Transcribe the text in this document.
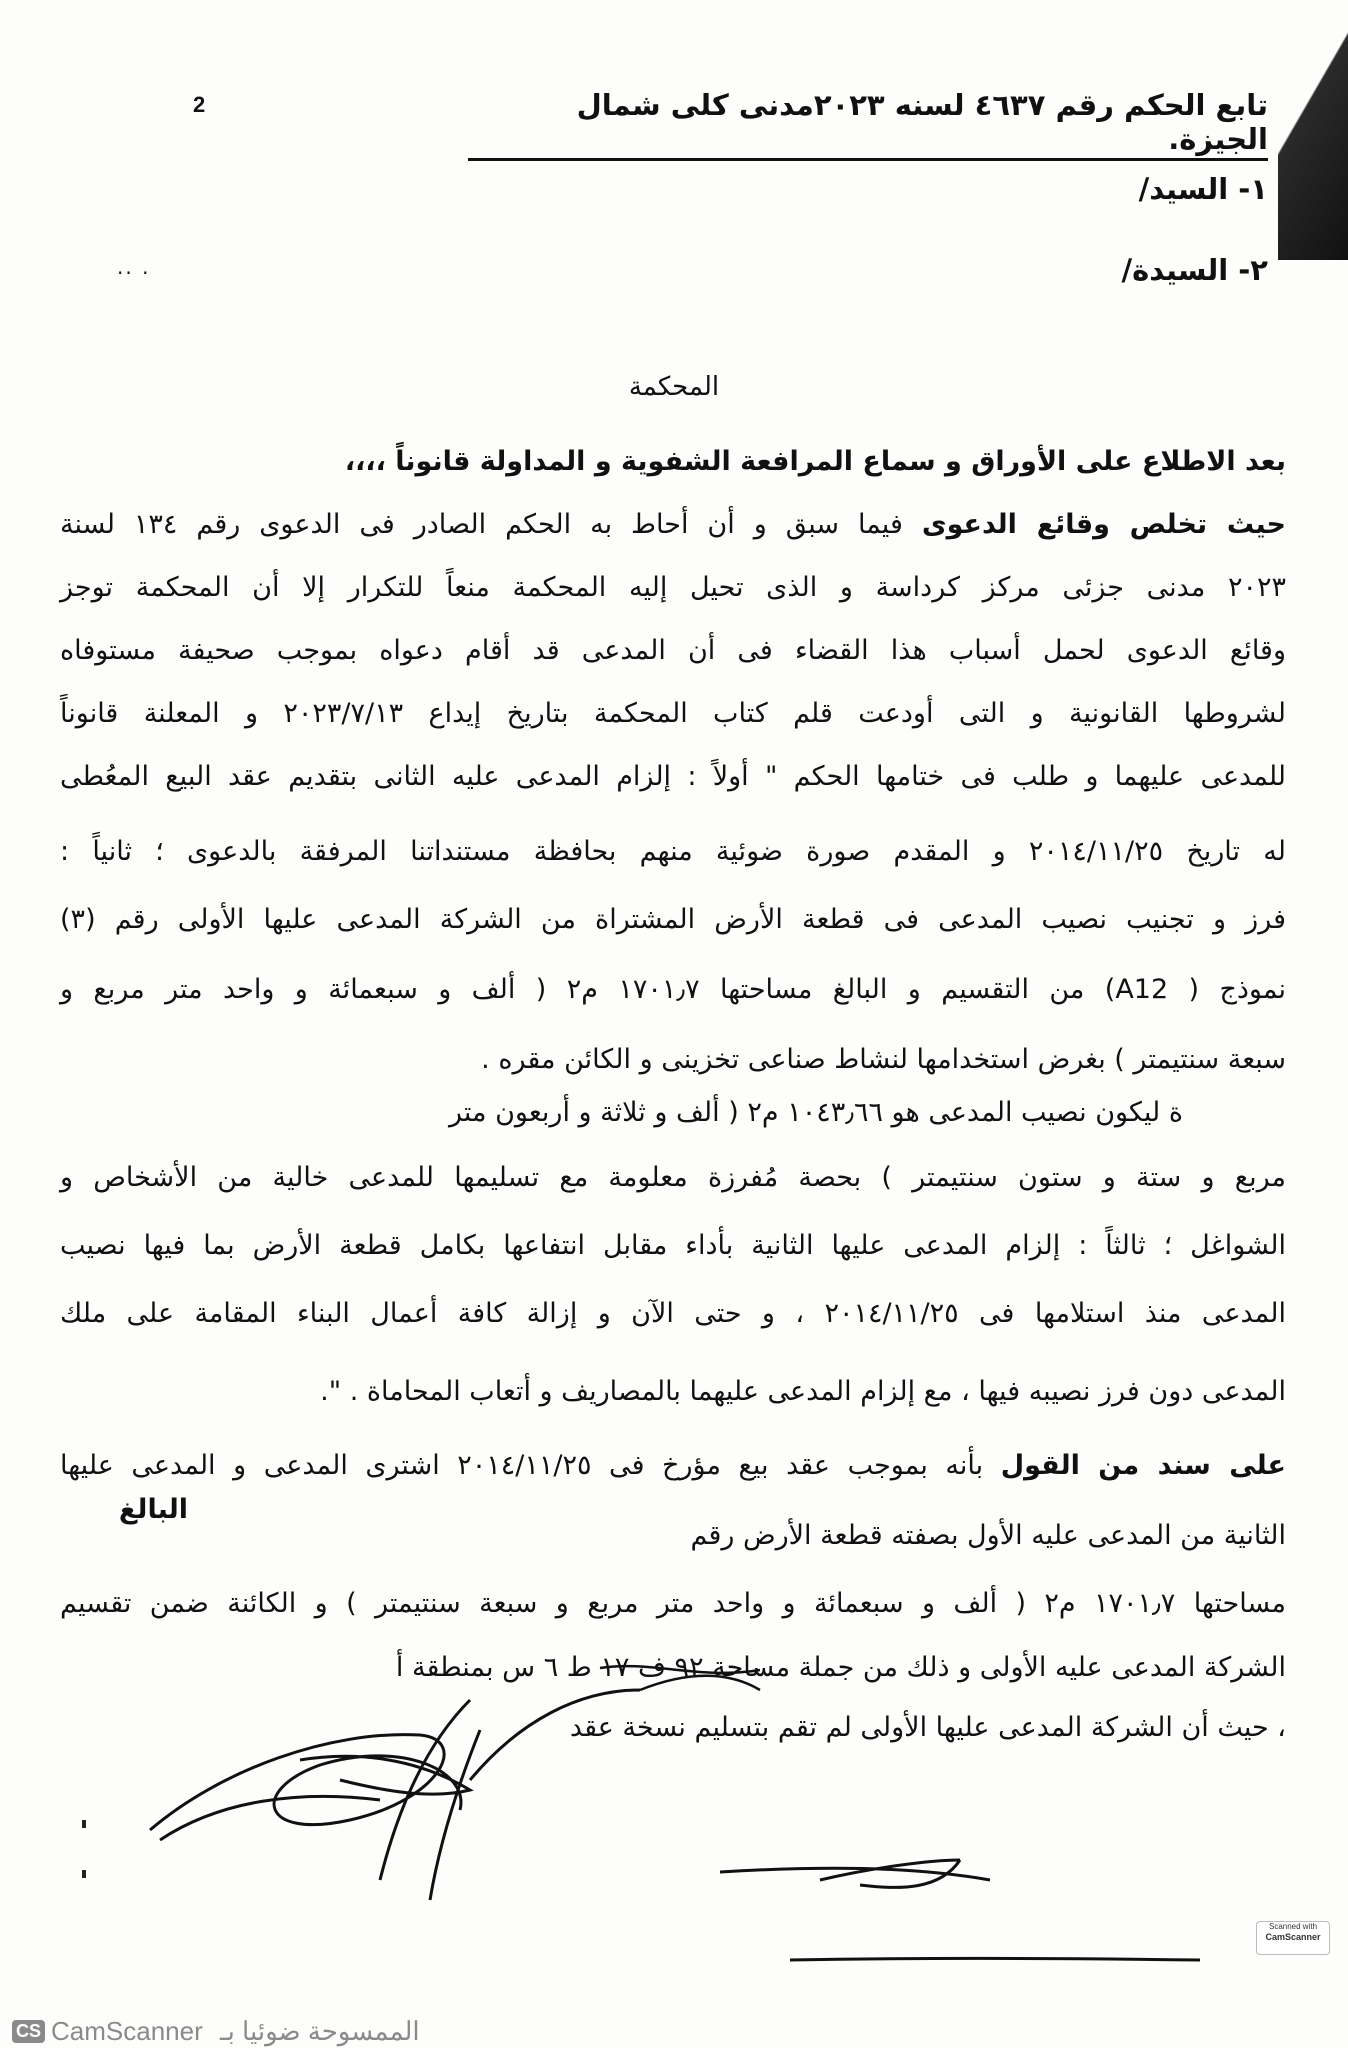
2	تابع الحكم رقم ٤٦٣٧ لسنه ٢٠٢٣مدنى كلى شمال الجيزة.
١- السيد/
٢- السيدة/
.. .
المحكمة
بعد الاطلاع على الأوراق و سماع المرافعة الشفوية و المداولة قانوناً ،،،،
حيث تخلص وقائع الدعوى فيما سبق و أن أحاط به الحكم الصادر فى الدعوى رقم ١٣٤ لسنة
٢٠٢٣ مدنى جزئى مركز كرداسة و الذى تحيل إليه المحكمة منعاً للتكرار إلا أن المحكمة توجز
وقائع الدعوى لحمل أسباب هذا القضاء فى أن المدعى قد أقام دعواه بموجب صحيفة مستوفاه
لشروطها القانونية و التى أودعت قلم كتاب المحكمة بتاريخ إيداع ٢٠٢٣/٧/١٣ و المعلنة قانوناً
للمدعى عليهما و طلب فى ختامها الحكم " أولاً : إلزام المدعى عليه الثانى بتقديم عقد البيع المعُطى
له تاريخ ٢٠١٤/١١/٢٥ و المقدم صورة ضوئية منهم بحافظة مستنداتنا المرفقة بالدعوى ؛ ثانياً :
فرز و تجنيب نصيب المدعى فى قطعة الأرض المشتراة من الشركة المدعى عليها الأولى رقم (٣)
نموذج ( A12) من التقسيم و البالغ مساحتها ١٧٠١٫٧ م٢ ( ألف و سبعمائة و واحد متر مربع و
سبعة سنتيمتر ) بغرض استخدامها لنشاط صناعى تخزينى و الكائن مقره .
ة ليكون نصيب المدعى هو ١٠٤٣٫٦٦ م٢ ( ألف و ثلاثة و أربعون متر
مربع و ستة و ستون سنتيمتر ) بحصة مُفرزة معلومة مع تسليمها للمدعى خالية من الأشخاص و
الشواغل ؛ ثالثاً : إلزام المدعى عليها الثانية بأداء مقابل انتفاعها بكامل قطعة الأرض بما فيها نصيب
المدعى منذ استلامها فى ٢٠١٤/١١/٢٥ ، و حتى الآن و إزالة كافة أعمال البناء المقامة على ملك
المدعى دون فرز نصيبه فيها ، مع إلزام المدعى عليهما بالمصاريف و أتعاب المحاماة . ".
على سند من القول بأنه بموجب عقد بيع مؤرخ فى ٢٠١٤/١١/٢٥ اشترى المدعى و المدعى عليها
الثانية من المدعى عليه الأول بصفته قطعة الأرض رقم
البالغ
مساحتها ١٧٠١٫٧ م٢ ( ألف و سبعمائة و واحد متر مربع و سبعة سنتيمتر ) و الكائنة ضمن تقسيم
الشركة المدعى عليه الأولى و ذلك من جملة مساحة ٩٢ ف ١٧ ط ٦ س بمنطقة أ
، حيث أن الشركة المدعى عليها الأولى لم تقم بتسليم نسخة عقد
Scanned with
CamScanner
CS CamScanner الممسوحة ضوئيا بـ
